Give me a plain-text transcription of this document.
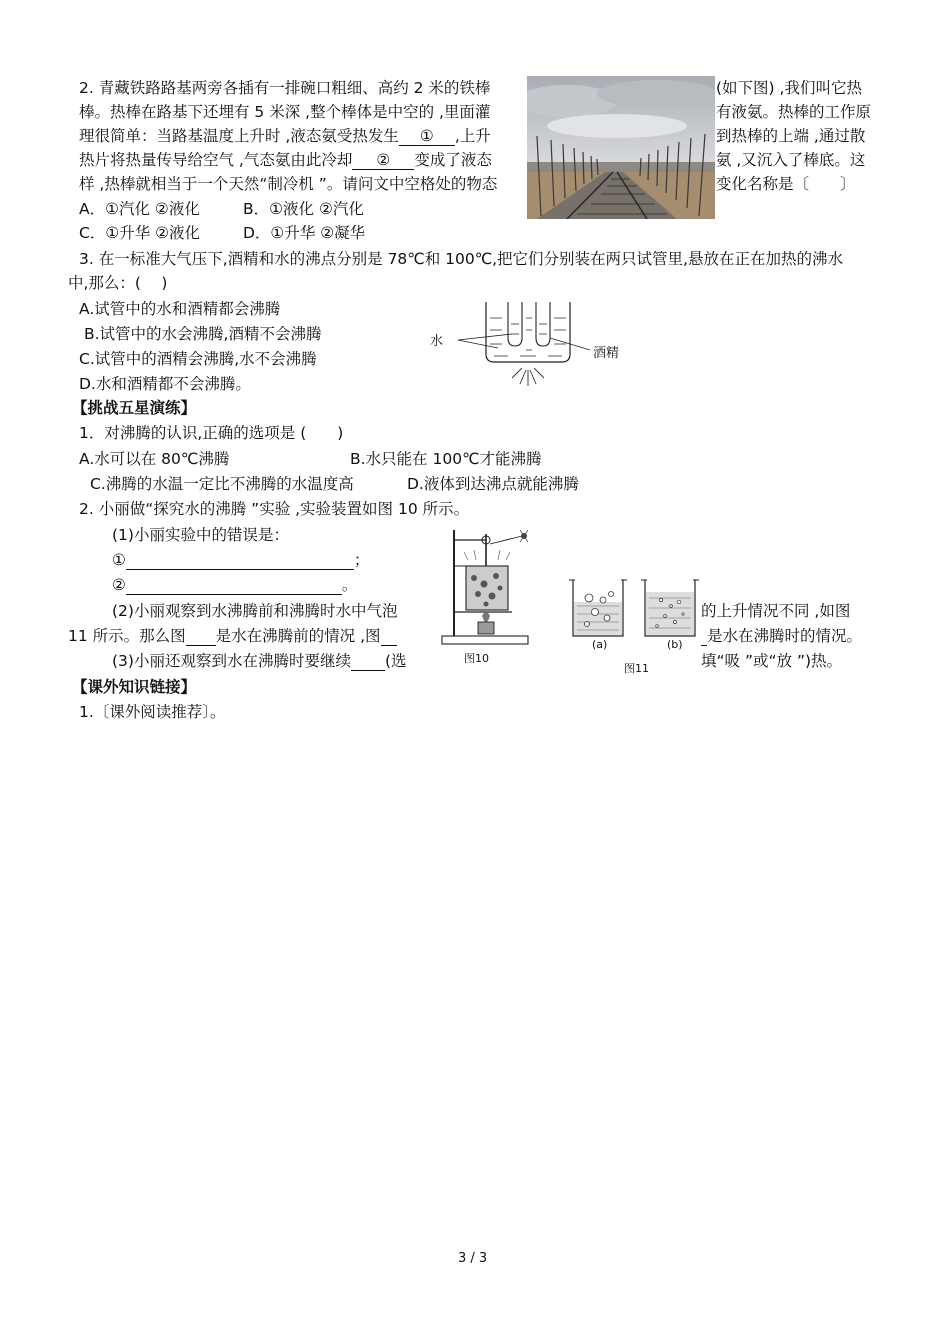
2. 青藏铁路路基两旁各插有一排碗口粗细、高约 2 米的铁棒	(如下图) ,我们叫它热
棒。热棒在路基下还埋有 5 米深 ,整个棒体是中空的 ,里面灌	有液氨。热棒的工作原
理很简单：当路基温度上升时 ,液态氨受热发生 ① ,上升	到热棒的上端 ,通过散
热片将热量传导给空气 ,气态氨由此冷却 ② 变成了液态	氨 ,又沉入了棒底。这
样 ,热棒就相当于一个天然“制冷机 ”。请问文中空格处的物态	变化名称是〔　　〕
A．①汽化 ②液化	B．①液化 ②汽化
C．①升华 ②液化	D．①升华 ②凝华
3. 在一标准大气压下,酒精和水的沸点分别是 78℃和 100℃,把它们分别装在两只试管里,悬放在正在加热的沸水
中,那么：(　 )
A.试管中的水和酒精都会沸腾
B.试管中的水会沸腾,酒精不会沸腾
C.试管中的酒精会沸腾,水不会沸腾
D.水和酒精都不会沸腾。
水
酒精
【挑战五星演练】
1．对沸腾的认识,正确的选项是 (　　)
A.水可以在 80℃沸腾	B.水只能在 100℃才能沸腾
C.沸腾的水温一定比不沸腾的水温度高	D.液体到达沸点就能沸腾
2. 小丽做“探究水的沸腾 ”实验 ,实验装置如图 10 所示。
(1)小丽实验中的错误是：
①	；
②	。
(2)小丽观察到水沸腾前和沸腾时水中气泡	的上升情况不同 ,如图
11 所示。那么图 是水在沸腾前的情况 ,图	是水在沸腾时的情况。
(3)小丽还观察到水在沸腾时要继续 (选	填“吸 ”或“放 ”)热。
图10
(a)	(b)
图11
【课外知识链接】
1.〔课外阅读推荐〕。
3 / 3
